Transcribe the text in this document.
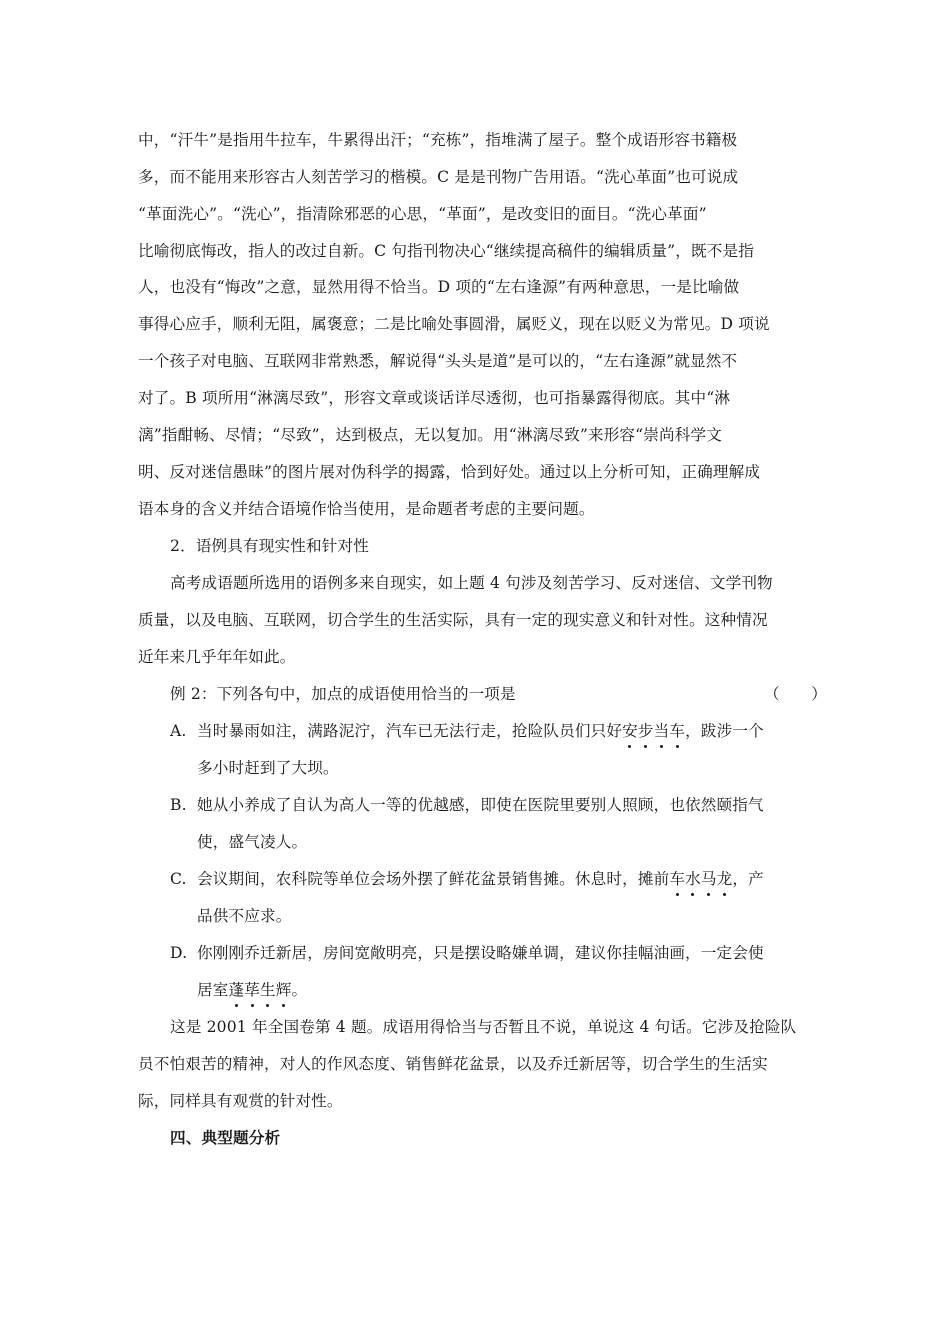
中，“汗牛”是指用牛拉车，牛累得出汗；“充栋”，指堆满了屋子。整个成语形容书籍极
多，而不能用来形容古人刻苦学习的楷模。C 是是刊物广告用语。“洗心革面”也可说成
“革面洗心”。“洗心”，指清除邪恶的心思，“革面”，是改变旧的面目。“洗心革面”
比喻彻底悔改，指人的改过自新。C 句指刊物决心“继续提高稿件的编辑质量”，既不是指
人，也没有“悔改”之意，显然用得不恰当。D 项的“左右逢源”有两种意思，一是比喻做
事得心应手，顺利无阻，属褒意；二是比喻处事圆滑，属贬义，现在以贬义为常见。D 项说
一个孩子对电脑、互联网非常熟悉，解说得“头头是道”是可以的，“左右逢源”就显然不
对了。B 项所用“淋漓尽致”，形容文章或谈话详尽透彻，也可指暴露得彻底。其中“淋
漓”指酣畅、尽情；“尽致”，达到极点，无以复加。用“淋漓尽致”来形容“崇尚科学文
明、反对迷信愚昧”的图片展对伪科学的揭露，恰到好处。通过以上分析可知，正确理解成
语本身的含义并结合语境作恰当使用，是命题者考虑的主要问题。
2．语例具有现实性和针对性
高考成语题所选用的语例多来自现实，如上题 4 句涉及刻苦学习、反对迷信、文学刊物
质量，以及电脑、互联网，切合学生的生活实际，具有一定的现实意义和针对性。这种情况
近年来几乎年年如此。
例 2：下列各句中，加点的成语使用恰当的一项是	（　　）
A. 当时暴雨如注，满路泥泞，汽车已无法行走，抢险队员们只好安步当车，跋涉一个
多小时赶到了大坝。
B. 她从小养成了自认为高人一等的优越感，即使在医院里要别人照顾，也依然颐指气
使，盛气凌人。
C. 会议期间，农科院等单位会场外摆了鲜花盆景销售摊。休息时，摊前车水马龙，产
品供不应求。
D. 你刚刚乔迁新居，房间宽敞明亮，只是摆设略嫌单调，建议你挂幅油画，一定会使
居室蓬荜生辉。
这是 2001 年全国卷第 4 题。成语用得恰当与否暂且不说，单说这 4 句话。它涉及抢险队
员不怕艰苦的精神，对人的作风态度、销售鲜花盆景，以及乔迁新居等，切合学生的生活实
际，同样具有观赏的针对性。
四、典型题分析
